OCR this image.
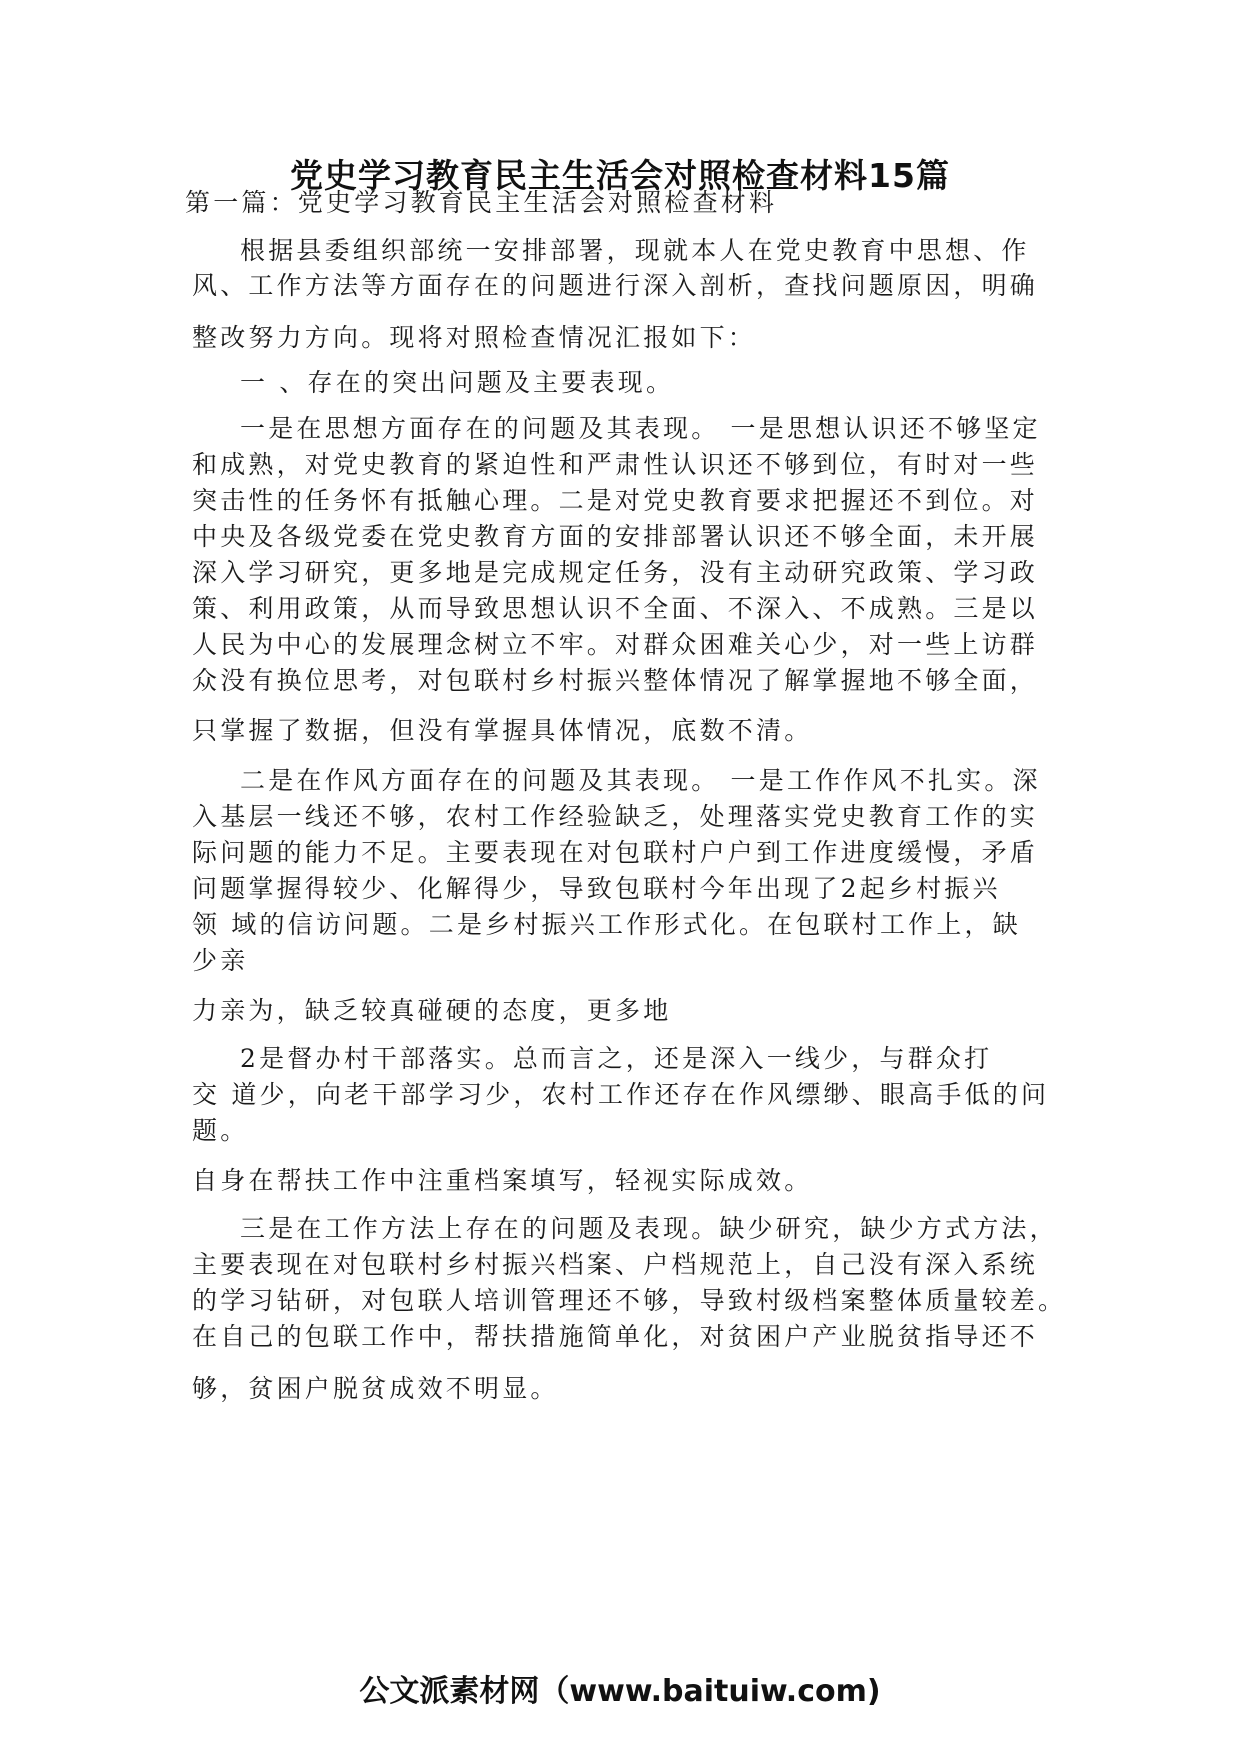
党史学习教育民主生活会对照检查材料15篇
第一篇：党史学习教育民主生活会对照检查材料
根据县委组织部统一安排部署，现就本人在党史教育中思想、作
风、工作方法等方面存在的问题进行深入剖析，查找问题原因，明确
整改努力方向。现将对照检查情况汇报如下：
一 、存在的突出问题及主要表现。
一是在思想方面存在的问题及其表现。 一是思想认识还不够坚定
和成熟，对党史教育的紧迫性和严肃性认识还不够到位，有时对一些
突击性的任务怀有抵触心理。二是对党史教育要求把握还不到位。对
中央及各级党委在党史教育方面的安排部署认识还不够全面，未开展
深入学习研究，更多地是完成规定任务，没有主动研究政策、学习政
策、利用政策，从而导致思想认识不全面、不深入、不成熟。三是以
人民为中心的发展理念树立不牢。对群众困难关心少，对一些上访群
众没有换位思考，对包联村乡村振兴整体情况了解掌握地不够全面，
只掌握了数据，但没有掌握具体情况，底数不清。
二是在作风方面存在的问题及其表现。 一是工作作风不扎实。深
入基层一线还不够，农村工作经验缺乏，处理落实党史教育工作的实
际问题的能力不足。主要表现在对包联村户户到工作进度缓慢，矛盾
问题掌握得较少、化解得少，导致包联村今年出现了2起乡村振兴
领 域的信访问题。二是乡村振兴工作形式化。在包联村工作上，缺
少亲
力亲为，缺乏较真碰硬的态度，更多地
2是督办村干部落实。总而言之，还是深入一线少，与群众打
交 道少，向老干部学习少，农村工作还存在作风缥缈、眼高手低的问
题。
自身在帮扶工作中注重档案填写，轻视实际成效。
三是在工作方法上存在的问题及表现。缺少研究，缺少方式方法，
主要表现在对包联村乡村振兴档案、户档规范上，自己没有深入系统
的学习钻研，对包联人培训管理还不够，导致村级档案整体质量较差。
在自己的包联工作中，帮扶措施简单化，对贫困户产业脱贫指导还不
够，贫困户脱贫成效不明显。
公文派素材网（www.baituiw.com)
